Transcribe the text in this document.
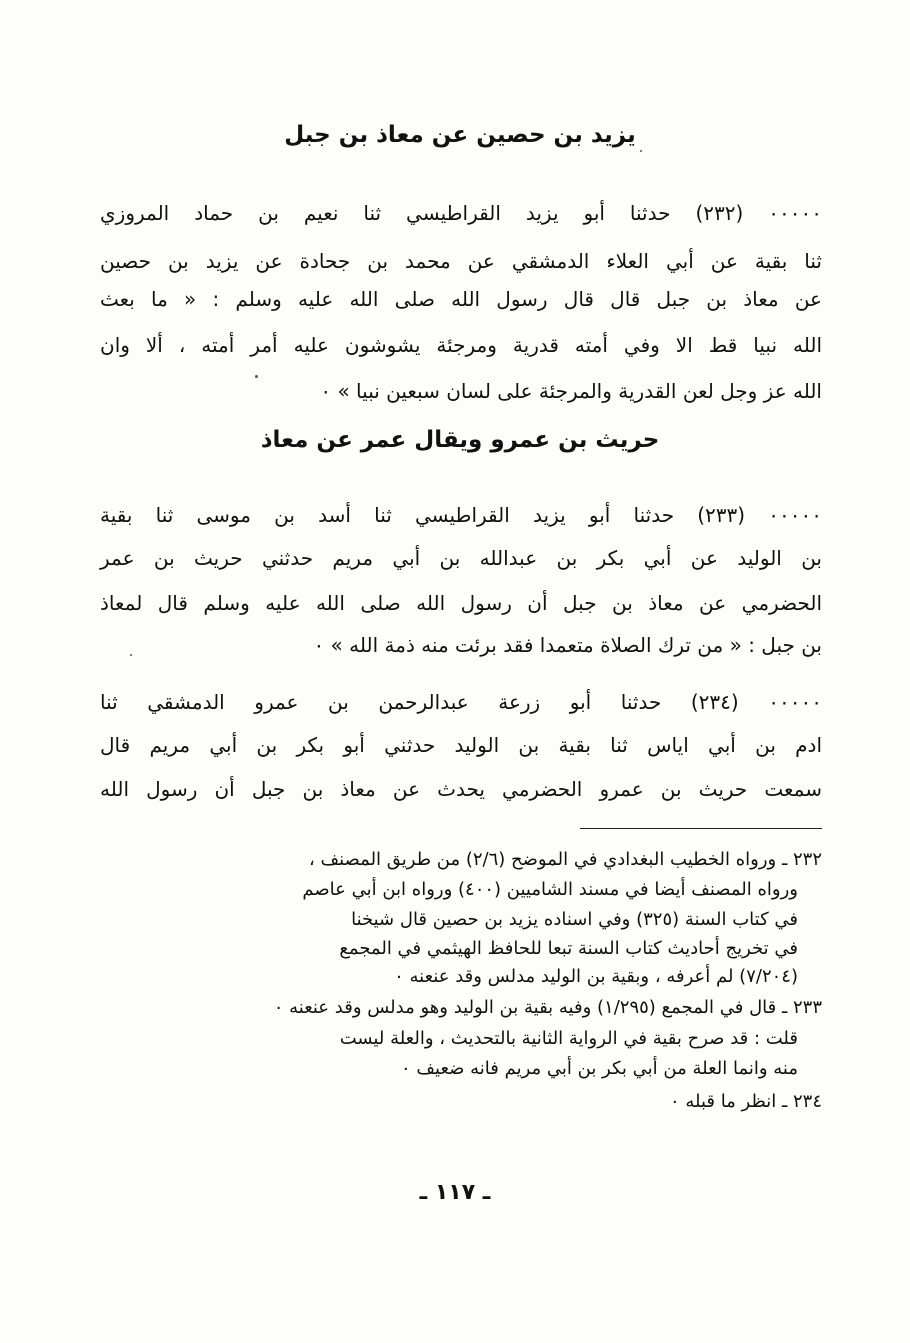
يزيد بن حصين عن معاذ بن جبل
٠٠٠٠٠ (٢٣٢) حدثنا أبو يزيد القراطيسي ثنا نعيم بن حماد المروزي
ثنا بقية عن أبي العلاء الدمشقي عن محمد بن جحادة عن يزيد بن حصين
عن معاذ بن جبل قال قال رسول الله صلى الله عليه وسلم : « ما بعث
الله نبيا قط الا وفي أمته قدرية ومرجئة يشوشون عليه أمر أمته ، ألا وان
الله عز وجل لعن القدرية والمرجئة على لسان سبعين نبيا » ٠
حريث بن عمرو ويقال عمر عن معاذ
٠٠٠٠٠ (٢٣٣) حدثنا أبو يزيد القراطيسي ثنا أسد بن موسى ثنا بقية
بن الوليد عن أبي بكر بن عبدالله بن أبي مريم حدثني حريث بن عمر
الحضرمي عن معاذ بن جبل أن رسول الله صلى الله عليه وسلم قال لمعاذ
بن جبل : « من ترك الصلاة متعمدا فقد برئت منه ذمة الله » ٠
٠٠٠٠٠ (٢٣٤) حدثنا أبو زرعة عبدالرحمن بن عمرو الدمشقي ثنا
ادم بن أبي اياس ثنا بقية بن الوليد حدثني أبو بكر بن أبي مريم قال
سمعت حريث بن عمرو الحضرمي يحدث عن معاذ بن جبل أن رسول الله
٢٣٢ ـ ورواه الخطيب البغدادي في الموضح (٢/٦) من طريق المصنف ،
ورواه المصنف أيضا في مسند الشاميين (٤٠٠) ورواه ابن أبي عاصم
في كتاب السنة (٣٢٥) وفي اسناده يزيد بن حصين قال شيخنا
في تخريج أحاديث كتاب السنة تبعا للحافظ الهيثمي في المجمع
(٧/٢٠٤) لم أعرفه ، وبقية بن الوليد مدلس وقد عنعنه ٠
٢٣٣ ـ قال في المجمع (١/٢٩٥) وفيه بقية بن الوليد وهو مدلس وقد عنعنه ٠
قلت : قد صرح بقية في الرواية الثانية بالتحديث ، والعلة ليست
منه وانما العلة من أبي بكر بن أبي مريم فانه ضعيف ٠
٢٣٤ ـ انظر ما قبله ٠
ـ ١١٧ ـ
